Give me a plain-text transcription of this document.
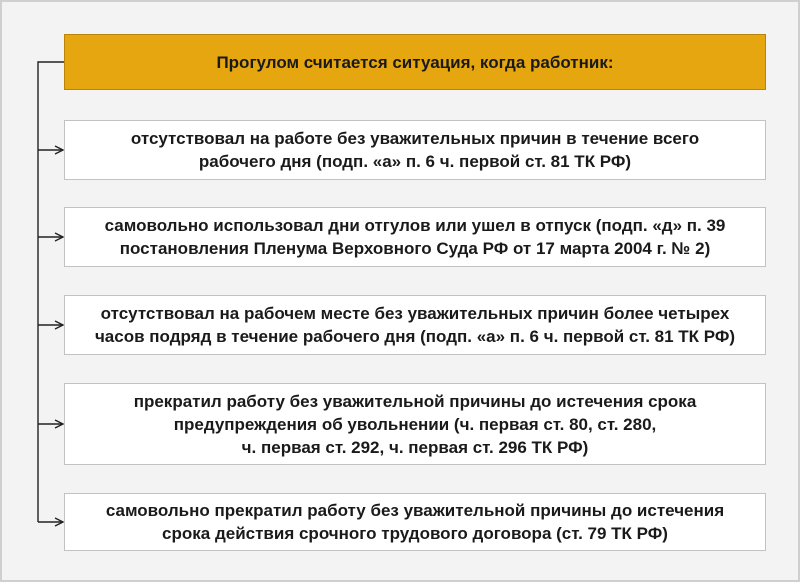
Прогулом считается ситуация, когда работник:
отсутствовал на работе без уважительных причин в течение всего
рабочего дня (подп. «а» п. 6 ч. первой ст. 81 ТК РФ)
самовольно использовал дни отгулов или ушел в отпуск (подп. «д» п. 39
постановления Пленума Верховного Суда РФ от 17 марта 2004 г. № 2)
отсутствовал на рабочем месте без уважительных причин более четырех
часов подряд в течение рабочего дня (подп. «а» п. 6 ч. первой ст. 81 ТК РФ)
прекратил работу без уважительной причины до истечения срока
предупреждения об увольнении (ч. первая ст. 80, ст. 280,
ч. первая ст. 292, ч. первая ст. 296 ТК РФ)
самовольно прекратил работу без уважительной причины до истечения
срока действия срочного трудового договора (ст. 79 ТК РФ)
